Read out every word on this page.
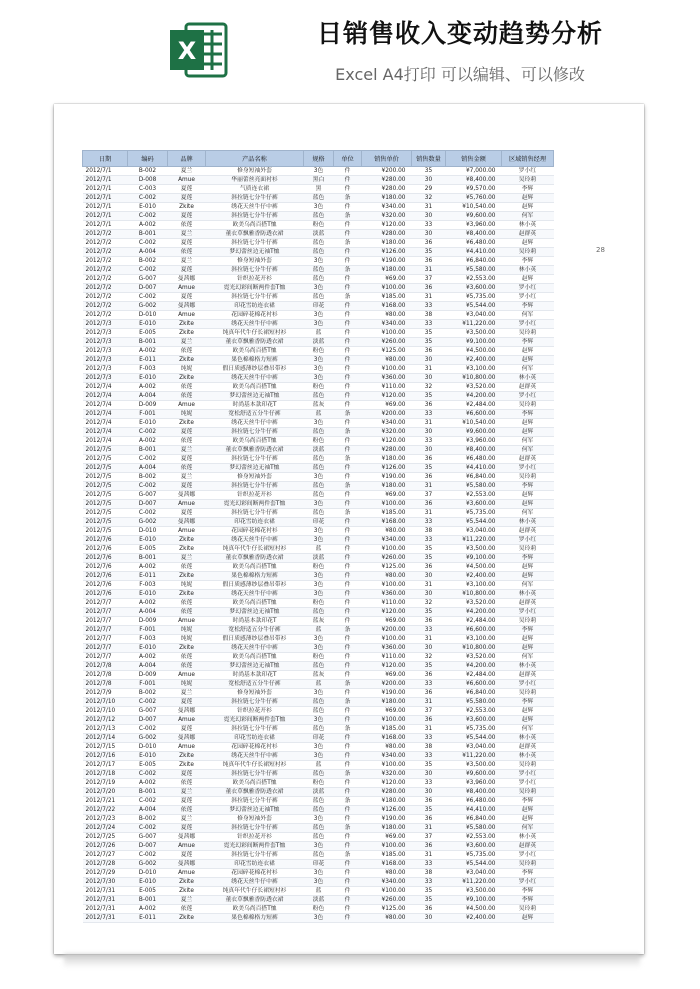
X
日销售收入变动趋势分析
Excel A4打印 可以编辑、可以修改
日期	编码	品牌	产品名称	规格	单位	销售单价	销售数量	销售金额	区域销售经理
2012/7/1	B-002	夏兰	修身短袖外套	3色	件	¥200.00	35	¥7,000.00	罗小红
2012/7/1	D-008	Amue	华丽蕾丝亮面衬衫	黑白	件	¥280.00	30	¥8,400.00	吴玲莉
2012/7/1	C-003	夏莲	气质连衣裙	黑	件	¥280.00	29	¥9,570.00	李辉
2012/7/1	C-002	夏莲	斜拉链七分牛仔裤	蓝色	条	¥180.00	32	¥5,760.00	赵辉
2012/7/1	E-010	Zkite	绣花天丝牛仔中裤	3色	件	¥340.00	31	¥10,540.00	赵辉
2012/7/1	C-002	夏莲	斜拉链七分牛仔裤	蓝色	条	¥320.00	30	¥9,600.00	何军
2012/7/1	A-002	依莲	欧美乌尚百搭T恤	粉色	件	¥120.00	33	¥3,960.00	林小英
2012/7/2	B-001	夏兰	董衣草飘雅香防透衣裙	淡蓝	件	¥280.00	30	¥8,400.00	赵群英
2012/7/2	C-002	夏莲	斜拉链七分牛仔裤	蓝色	条	¥180.00	36	¥6,480.00	赵辉
2012/7/2	A-004	依莲	梦幻蕾丝边无袖T恤	蓝色	件	¥126.00	35	¥4,410.00	吴玲莉
2012/7/2	B-002	夏兰	修身短袖外套	3色	件	¥190.00	36	¥6,840.00	李辉
2012/7/2	C-002	夏莲	斜拉链七分牛仔裤	蓝色	条	¥180.00	31	¥5,580.00	林小英
2012/7/2	G-007	曼茜娜	针织拉花开衫	蓝色	件	¥69.00	37	¥2,553.00	赵辉
2012/7/2	D-007	Amue	霓光幻彩间断两件套T恤	3色	件	¥100.00	36	¥3,600.00	罗小红
2012/7/2	C-002	夏莲	斜拉链七分牛仔裤	蓝色	条	¥185.00	31	¥5,735.00	罗小红
2012/7/2	G-002	曼茜娜	印花雪纺连衣裙	印花	件	¥168.00	33	¥5,544.00	李辉
2012/7/2	D-010	Amue	花园碎花棉花衬衫	3色	件	¥80.00	38	¥3,040.00	何军
2012/7/3	E-010	Zkite	绣花天丝牛仔中裤	3色	件	¥340.00	33	¥11,220.00	罗小红
2012/7/3	E-005	Zkite	纯真年代牛仔长裙短衬衫	蓝	件	¥100.00	35	¥3,500.00	吴玲莉
2012/7/3	B-001	夏兰	董衣草飘雅香防透衣裙	淡蓝	件	¥260.00	35	¥9,100.00	李辉
2012/7/3	A-002	依莲	欧美乌尚百搭T恤	粉色	件	¥125.00	36	¥4,500.00	赵辉
2012/7/3	E-011	Zkite	果色棉棉格力短裤	3色	件	¥80.00	30	¥2,400.00	赵辉
2012/7/3	F-003	纯妮	假日质感薄纱层叠吊带衫	3色	件	¥100.00	31	¥3,100.00	何军
2012/7/3	E-010	Zkite	绣花天丝牛仔中裤	3色	件	¥360.00	30	¥10,800.00	林小英
2012/7/4	A-002	依莲	欧美乌尚百搭T恤	粉色	件	¥110.00	32	¥3,520.00	赵群英
2012/7/4	A-004	依莲	梦幻蕾丝边无袖T恤	蓝色	件	¥120.00	35	¥4,200.00	罗小红
2012/7/4	D-009	Amue	时尚基本款印花T	蓝灰	件	¥69.00	36	¥2,484.00	吴玲莉
2012/7/4	F-001	纯妮	宽松舒适五分牛仔裤	蓝	条	¥200.00	33	¥6,600.00	李辉
2012/7/4	E-010	Zkite	绣花天丝牛仔中裤	3色	件	¥340.00	31	¥10,540.00	赵辉
2012/7/4	C-002	夏莲	斜拉链七分牛仔裤	蓝色	条	¥320.00	30	¥9,600.00	赵辉
2012/7/4	A-002	依莲	欧美乌尚百搭T恤	粉色	件	¥120.00	33	¥3,960.00	何军
2012/7/5	B-001	夏兰	董衣草飘雅香防透衣裙	淡蓝	件	¥280.00	30	¥8,400.00	何军
2012/7/5	C-002	夏莲	斜拉链七分牛仔裤	蓝色	条	¥180.00	36	¥6,480.00	赵群英
2012/7/5	A-004	依莲	梦幻蕾丝边无袖T恤	蓝色	件	¥126.00	35	¥4,410.00	罗小红
2012/7/5	B-002	夏兰	修身短袖外套	3色	件	¥190.00	36	¥6,840.00	吴玲莉
2012/7/5	C-002	夏莲	斜拉链七分牛仔裤	蓝色	条	¥180.00	31	¥5,580.00	李辉
2012/7/5	G-007	曼茜娜	针织拉花开衫	蓝色	件	¥69.00	37	¥2,553.00	赵辉
2012/7/5	D-007	Amue	霓光幻彩间断两件套T恤	3色	件	¥100.00	36	¥3,600.00	赵辉
2012/7/5	C-002	夏莲	斜拉链七分牛仔裤	蓝色	条	¥185.00	31	¥5,735.00	何军
2012/7/5	G-002	曼茜娜	印花雪纺连衣裙	印花	件	¥168.00	33	¥5,544.00	林小英
2012/7/5	D-010	Amue	花园碎花棉花衬衫	3色	件	¥80.00	38	¥3,040.00	赵群英
2012/7/6	E-010	Zkite	绣花天丝牛仔中裤	3色	件	¥340.00	33	¥11,220.00	罗小红
2012/7/6	E-005	Zkite	纯真年代牛仔长裙短衬衫	蓝	件	¥100.00	35	¥3,500.00	吴玲莉
2012/7/6	B-001	夏兰	董衣草飘雅香防透衣裙	淡蓝	件	¥260.00	35	¥9,100.00	李辉
2012/7/6	A-002	依莲	欧美乌尚百搭T恤	粉色	件	¥125.00	36	¥4,500.00	赵辉
2012/7/6	E-011	Zkite	果色棉棉格力短裤	3色	件	¥80.00	30	¥2,400.00	赵辉
2012/7/6	F-003	纯妮	假日质感薄纱层叠吊带衫	3色	件	¥100.00	31	¥3,100.00	何军
2012/7/6	E-010	Zkite	绣花天丝牛仔中裤	3色	件	¥360.00	30	¥10,800.00	林小英
2012/7/7	A-002	依莲	欧美乌尚百搭T恤	粉色	件	¥110.00	32	¥3,520.00	赵群英
2012/7/7	A-004	依莲	梦幻蕾丝边无袖T恤	蓝色	件	¥120.00	35	¥4,200.00	罗小红
2012/7/7	D-009	Amue	时尚基本款印花T	蓝灰	件	¥69.00	36	¥2,484.00	吴玲莉
2012/7/7	F-001	纯妮	宽松舒适五分牛仔裤	蓝	条	¥200.00	33	¥6,600.00	李辉
2012/7/7	F-003	纯妮	假日质感薄纱层叠吊带衫	3色	件	¥100.00	31	¥3,100.00	赵辉
2012/7/7	E-010	Zkite	绣花天丝牛仔中裤	3色	件	¥360.00	30	¥10,800.00	赵辉
2012/7/7	A-002	依莲	欧美乌尚百搭T恤	粉色	件	¥110.00	32	¥3,520.00	何军
2012/7/8	A-004	依莲	梦幻蕾丝边无袖T恤	蓝色	件	¥120.00	35	¥4,200.00	林小英
2012/7/8	D-009	Amue	时尚基本款印花T	蓝灰	件	¥69.00	36	¥2,484.00	赵群英
2012/7/8	F-001	纯妮	宽松舒适五分牛仔裤	蓝	条	¥200.00	33	¥6,600.00	罗小红
2012/7/9	B-002	夏兰	修身短袖外套	3色	件	¥190.00	36	¥6,840.00	吴玲莉
2012/7/10	C-002	夏莲	斜拉链七分牛仔裤	蓝色	条	¥180.00	31	¥5,580.00	李辉
2012/7/10	G-007	曼茜娜	针织拉花开衫	蓝色	件	¥69.00	37	¥2,553.00	赵辉
2012/7/12	D-007	Amue	霓光幻彩间断两件套T恤	3色	件	¥100.00	36	¥3,600.00	赵辉
2012/7/13	C-002	夏莲	斜拉链七分牛仔裤	蓝色	条	¥185.00	31	¥5,735.00	何军
2012/7/14	G-002	曼茜娜	印花雪纺连衣裙	印花	件	¥168.00	33	¥5,544.00	林小英
2012/7/15	D-010	Amue	花园碎花棉花衬衫	3色	件	¥80.00	38	¥3,040.00	赵群英
2012/7/16	E-010	Zkite	绣花天丝牛仔中裤	3色	件	¥340.00	33	¥11,220.00	林小英
2012/7/17	E-005	Zkite	纯真年代牛仔长裙短衬衫	蓝	件	¥100.00	35	¥3,500.00	吴玲莉
2012/7/18	C-002	夏莲	斜拉链七分牛仔裤	蓝色	条	¥320.00	30	¥9,600.00	罗小红
2012/7/19	A-002	依莲	欧美乌尚百搭T恤	粉色	件	¥120.00	33	¥3,960.00	罗小红
2012/7/20	B-001	夏兰	董衣草飘雅香防透衣裙	淡蓝	件	¥280.00	30	¥8,400.00	吴玲莉
2012/7/21	C-002	夏莲	斜拉链七分牛仔裤	蓝色	条	¥180.00	36	¥6,480.00	李辉
2012/7/22	A-004	依莲	梦幻蕾丝边无袖T恤	蓝色	件	¥126.00	35	¥4,410.00	赵辉
2012/7/23	B-002	夏兰	修身短袖外套	3色	件	¥190.00	36	¥6,840.00	赵辉
2012/7/24	C-002	夏莲	斜拉链七分牛仔裤	蓝色	条	¥180.00	31	¥5,580.00	何军
2012/7/25	G-007	曼茜娜	针织拉花开衫	蓝色	件	¥69.00	37	¥2,553.00	林小英
2012/7/26	D-007	Amue	霓光幻彩间断两件套T恤	3色	件	¥100.00	36	¥3,600.00	赵群英
2012/7/27	C-002	夏莲	斜拉链七分牛仔裤	蓝色	条	¥185.00	31	¥5,735.00	罗小红
2012/7/28	G-002	曼茜娜	印花雪纺连衣裙	印花	件	¥168.00	33	¥5,544.00	吴玲莉
2012/7/29	D-010	Amue	花园碎花棉花衬衫	3色	件	¥80.00	38	¥3,040.00	李辉
2012/7/30	E-010	Zkite	绣花天丝牛仔中裤	3色	件	¥340.00	33	¥11,220.00	罗小红
2012/7/31	E-005	Zkite	纯真年代牛仔长裙短衬衫	蓝	件	¥100.00	35	¥3,500.00	李辉
2012/7/31	B-001	夏兰	董衣草飘雅香防透衣裙	淡蓝	件	¥260.00	35	¥9,100.00	李辉
2012/7/31	A-002	依莲	欧美乌尚百搭T恤	粉色	件	¥125.00	36	¥4,500.00	吴玲莉
2012/7/31	E-011	Zkite	果色棉棉格力短裤	3色	件	¥80.00	30	¥2,400.00	赵辉
28
